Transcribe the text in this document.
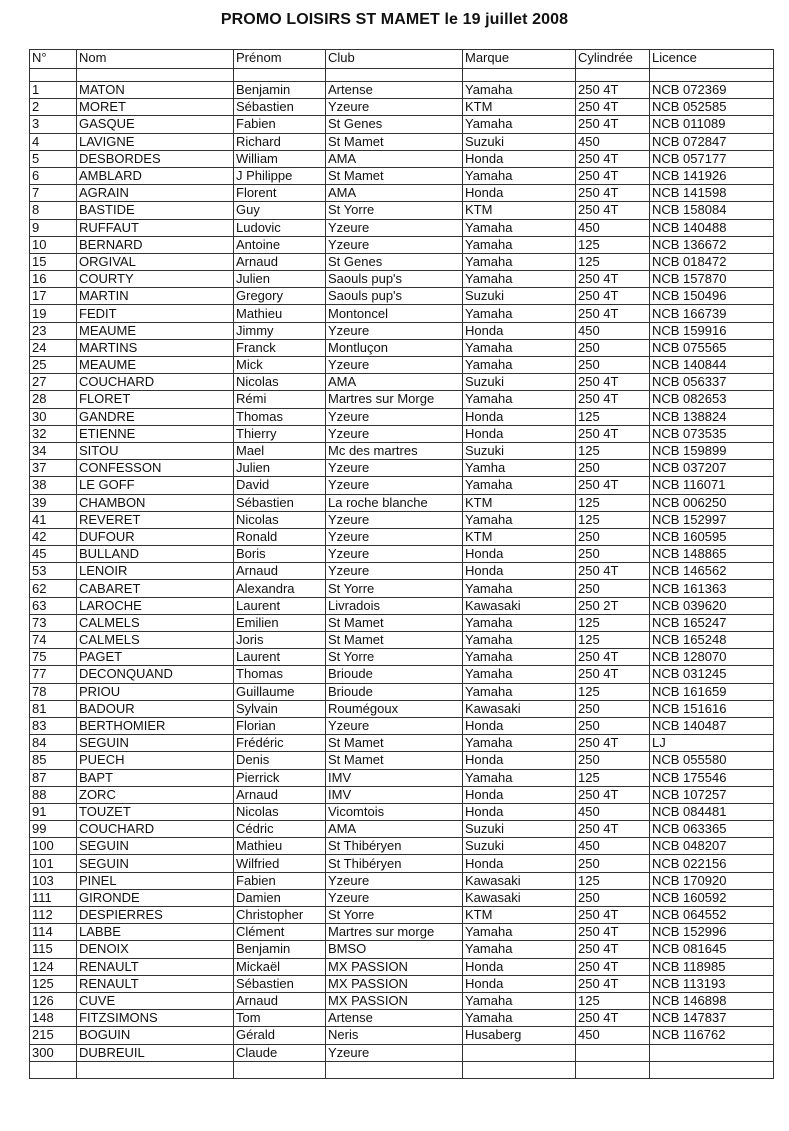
PROMO LOISIRS ST MAMET le 19 juillet 2008
N°	Nom	Prénom	Club	Marque	Cylindrée	Licence

1	MATON	Benjamin	Artense	Yamaha	250 4T	NCB 072369
2	MORET	Sébastien	Yzeure	KTM	250 4T	NCB 052585
3	GASQUE	Fabien	St Genes	Yamaha	250 4T	NCB 011089
4	LAVIGNE	Richard	St Mamet	Suzuki	450	NCB 072847
5	DESBORDES	William	AMA	Honda	250 4T	NCB 057177
6	AMBLARD	J Philippe	St Mamet	Yamaha	250 4T	NCB 141926
7	AGRAIN	Florent	AMA	Honda	250 4T	NCB 141598
8	BASTIDE	Guy	St Yorre	KTM	250 4T	NCB 158084
9	RUFFAUT	Ludovic	Yzeure	Yamaha	450	NCB 140488
10	BERNARD	Antoine	Yzeure	Yamaha	125	NCB 136672
15	ORGIVAL	Arnaud	St Genes	Yamaha	125	NCB 018472
16	COURTY	Julien	Saouls pup's	Yamaha	250 4T	NCB 157870
17	MARTIN	Gregory	Saouls pup's	Suzuki	250 4T	NCB 150496
19	FEDIT	Mathieu	Montoncel	Yamaha	250 4T	NCB 166739
23	MEAUME	Jimmy	Yzeure	Honda	450	NCB 159916
24	MARTINS	Franck	Montluçon	Yamaha	250	NCB 075565
25	MEAUME	Mick	Yzeure	Yamaha	250	NCB 140844
27	COUCHARD	Nicolas	AMA	Suzuki	250 4T	NCB 056337
28	FLORET	Rémi	Martres sur Morge	Yamaha	250 4T	NCB 082653
30	GANDRE	Thomas	Yzeure	Honda	125	NCB 138824
32	ETIENNE	Thierry	Yzeure	Honda	250 4T	NCB 073535
34	SITOU	Mael	Mc des martres	Suzuki	125	NCB 159899
37	CONFESSON	Julien	Yzeure	Yamha	250	NCB 037207
38	LE GOFF	David	Yzeure	Yamaha	250 4T	NCB 116071
39	CHAMBON	Sébastien	La roche blanche	KTM	125	NCB 006250
41	REVERET	Nicolas	Yzeure	Yamaha	125	NCB 152997
42	DUFOUR	Ronald	Yzeure	KTM	250	NCB 160595
45	BULLAND	Boris	Yzeure	Honda	250	NCB 148865
53	LENOIR	Arnaud	Yzeure	Honda	250 4T	NCB 146562
62	CABARET	Alexandra	St Yorre	Yamaha	250	NCB 161363
63	LAROCHE	Laurent	Livradois	Kawasaki	250 2T	NCB 039620
73	CALMELS	Emilien	St Mamet	Yamaha	125	NCB 165247
74	CALMELS	Joris	St Mamet	Yamaha	125	NCB 165248
75	PAGET	Laurent	St Yorre	Yamaha	250 4T	NCB 128070
77	DECONQUAND	Thomas	Brioude	Yamaha	250 4T	NCB 031245
78	PRIOU	Guillaume	Brioude	Yamaha	125	NCB 161659
81	BADOUR	Sylvain	Roumégoux	Kawasaki	250	NCB 151616
83	BERTHOMIER	Florian	Yzeure	Honda	250	NCB 140487
84	SEGUIN	Frédéric	St Mamet	Yamaha	250 4T	LJ
85	PUECH	Denis	St Mamet	Honda	250	NCB 055580
87	BAPT	Pierrick	IMV	Yamaha	125	NCB 175546
88	ZORC	Arnaud	IMV	Honda	250 4T	NCB 107257
91	TOUZET	Nicolas	Vicomtois	Honda	450	NCB 084481
99	COUCHARD	Cédric	AMA	Suzuki	250 4T	NCB 063365
100	SEGUIN	Mathieu	St Thibéryen	Suzuki	450	NCB 048207
101	SEGUIN	Wilfried	St Thibéryen	Honda	250	NCB 022156
103	PINEL	Fabien	Yzeure	Kawasaki	125	NCB 170920
111	GIRONDE	Damien	Yzeure	Kawasaki	250	NCB 160592
112	DESPIERRES	Christopher	St Yorre	KTM	250 4T	NCB 064552
114	LABBE	Clément	Martres sur morge	Yamaha	250 4T	NCB 152996
115	DENOIX	Benjamin	BMSO	Yamaha	250 4T	NCB 081645
124	RENAULT	Mickaël	MX PASSION	Honda	250 4T	NCB 118985
125	RENAULT	Sébastien	MX PASSION	Honda	250 4T	NCB 113193
126	CUVE	Arnaud	MX PASSION	Yamaha	125	NCB 146898
148	FITZSIMONS	Tom	Artense	Yamaha	250 4T	NCB 147837
215	BOGUIN	Gérald	Neris	Husaberg	450	NCB 116762
300	DUBREUIL	Claude	Yzeure			
